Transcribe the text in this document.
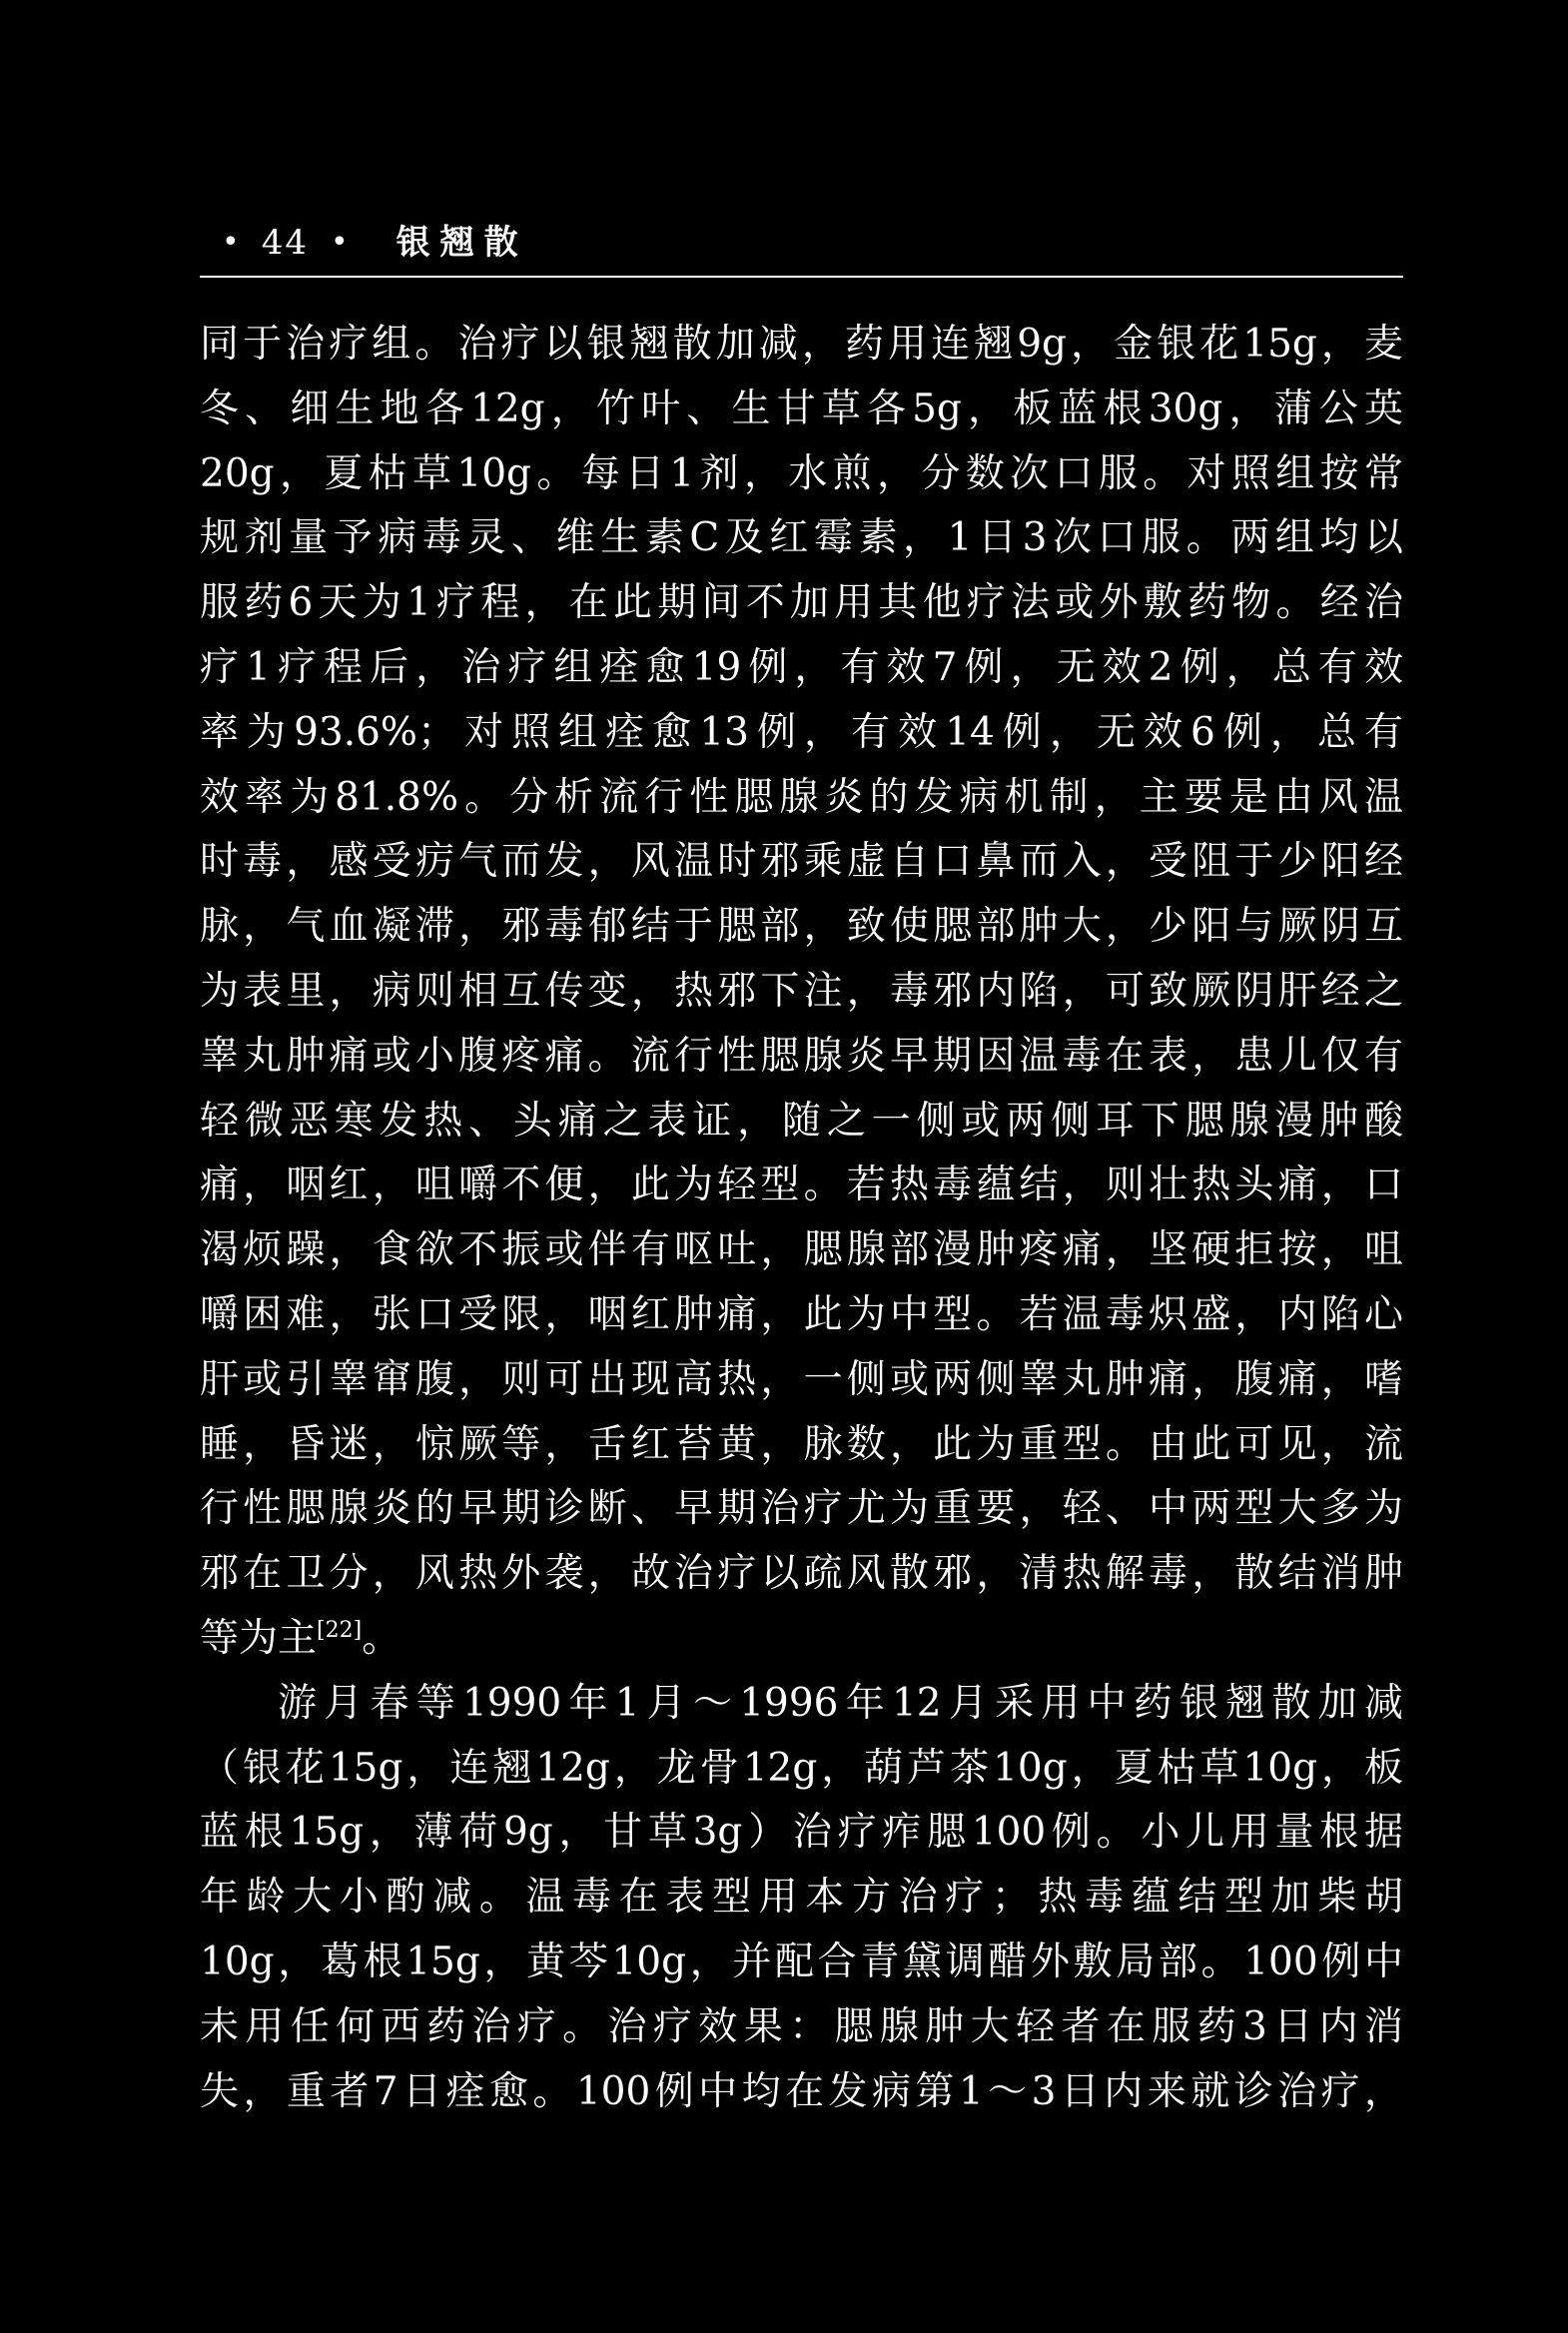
• 44 • 银翘散
同于治疗组。治疗以银翘散加减，药用连翘9g，金银花15g，麦
冬、细生地各12g，竹叶、生甘草各5g，板蓝根30g，蒲公英
20g，夏枯草10g。每日1剂，水煎，分数次口服。对照组按常
规剂量予病毒灵、维生素C及红霉素，1日3次口服。两组均以
服药6天为1疗程，在此期间不加用其他疗法或外敷药物。经治
疗1疗程后，治疗组痊愈19例，有效7例，无效2例，总有效
率为93.6%；对照组痊愈13例，有效14例，无效6例，总有
效率为81.8%。分析流行性腮腺炎的发病机制，主要是由风温
时毒，感受疠气而发，风温时邪乘虚自口鼻而入，受阻于少阳经
脉，气血凝滞，邪毒郁结于腮部，致使腮部肿大，少阳与厥阴互
为表里，病则相互传变，热邪下注，毒邪内陷，可致厥阴肝经之
睾丸肿痛或小腹疼痛。流行性腮腺炎早期因温毒在表，患儿仅有
轻微恶寒发热、头痛之表证，随之一侧或两侧耳下腮腺漫肿酸
痛，咽红，咀嚼不便，此为轻型。若热毒蕴结，则壮热头痛，口
渴烦躁，食欲不振或伴有呕吐，腮腺部漫肿疼痛，坚硬拒按，咀
嚼困难，张口受限，咽红肿痛，此为中型。若温毒炽盛，内陷心
肝或引睾窜腹，则可出现高热，一侧或两侧睾丸肿痛，腹痛，嗜
睡，昏迷，惊厥等，舌红苔黄，脉数，此为重型。由此可见，流
行性腮腺炎的早期诊断、早期治疗尤为重要，轻、中两型大多为
邪在卫分，风热外袭，故治疗以疏风散邪，清热解毒，散结消肿
等为主[22]。
游月春等1990年1月～1996年12月采用中药银翘散加减
（银花15g，连翘12g，龙骨12g，葫芦茶10g，夏枯草10g，板
蓝根15g，薄荷9g，甘草3g）治疗痄腮100例。小儿用量根据
年龄大小酌减。温毒在表型用本方治疗；热毒蕴结型加柴胡
10g，葛根15g，黄芩10g，并配合青黛调醋外敷局部。100例中
未用任何西药治疗。治疗效果：腮腺肿大轻者在服药3日内消
失，重者7日痊愈。100例中均在发病第1～3日内来就诊治疗，
